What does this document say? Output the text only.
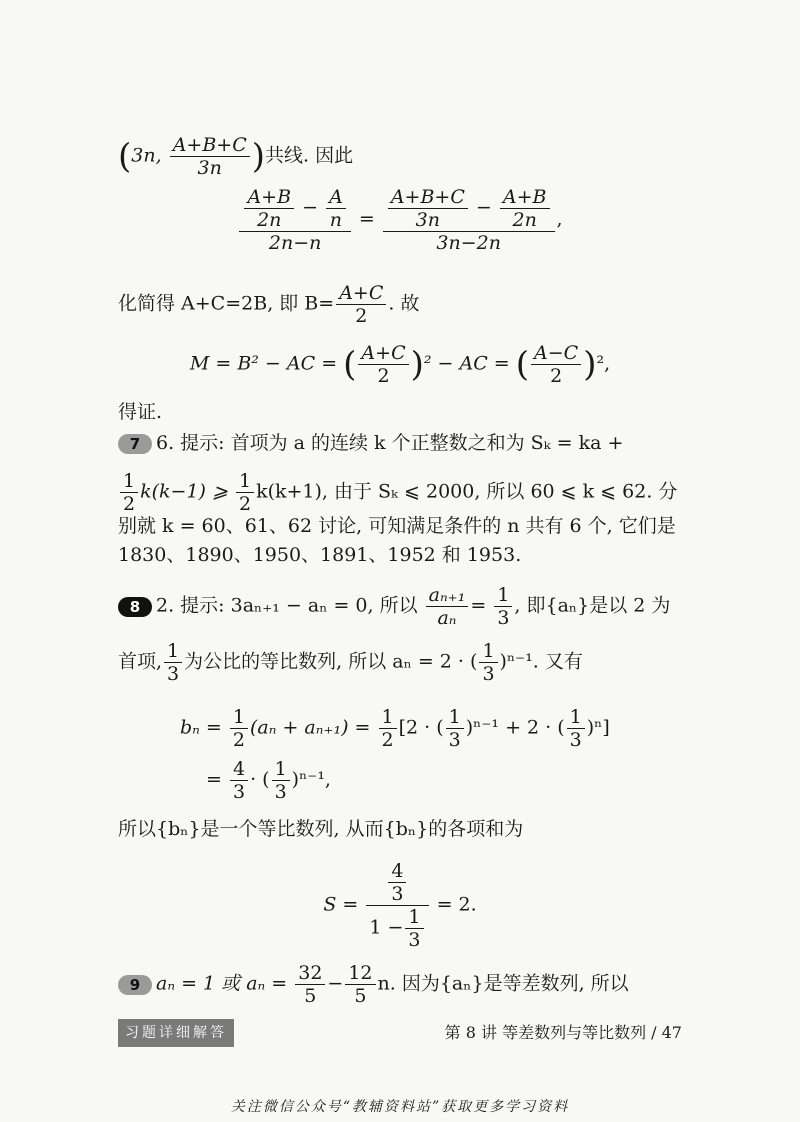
(3n, $\frac{A+B+C}{3n}$ )共线. 因此
$\frac{\frac{A+B}{2n} - \frac{A}{n}}{2n-n} = \frac{\frac{A+B+C}{3n} - \frac{A+B}{2n}}{3n-2n}$ ,
化简得 A+C=2B, 即 $B= \frac{A+C}{2}$ . 故
M = B² − AC = ( $\frac{A+C}{2} )^2$ − AC = ( $\frac{A-C}{2} )^2$,
得证.
7 6. 提示: 首项为 a 的连续 k 个正整数之和为 Sₖ = ka +
$\frac{1}{2} k(k-1)$ ⩾ $\frac{1}{2} k(k+1)$, 由于 Sₖ ⩽ 2000, 所以 60 ⩽ k ⩽ 62. 分
别就 k = 60、61、62 讨论, 可知满足条件的 n 共有 6 个, 它们是
1830、1890、1950、1891、1952 和 1953.
8 2. 提示: 3aₙ₊₁ − aₙ = 0, 所以 $\frac{\text{aₙ₊₁}}{\text{aₙ}} = \frac{1}{3}$ , 即{aₙ}是以 2 为
首项, $\frac{1}{3}$ 为公比的等比数列, 所以 aₙ = 2 · ( $\frac{1}{3} )^{n-1}$. 又有
$b_n = \frac{1}{2} (a_n + a_{n+1}) = \frac{1}{2} [2$ · ( $\frac{1}{3} )^{n-1} + 2$ · ( $\frac{1}{3} )^n$]
= $\frac{4}{3}$ · ( $\frac{1}{3} )^{n-1}$,
所以{bₙ}是一个等比数列, 从而{bₙ}的各项和为
$S = \frac{\frac{4}{3}}{1 - \frac{1}{3}} = 2$.
9 aₙ = 1 或 $a_n = \frac{32}{5} - \frac{12}{5} n$. 因为{aₙ}是等差数列, 所以
习题详细解答	第 8 讲 等差数列与等比数列 / 47
关注微信公众号“教辅资料站”获取更多学习资料
